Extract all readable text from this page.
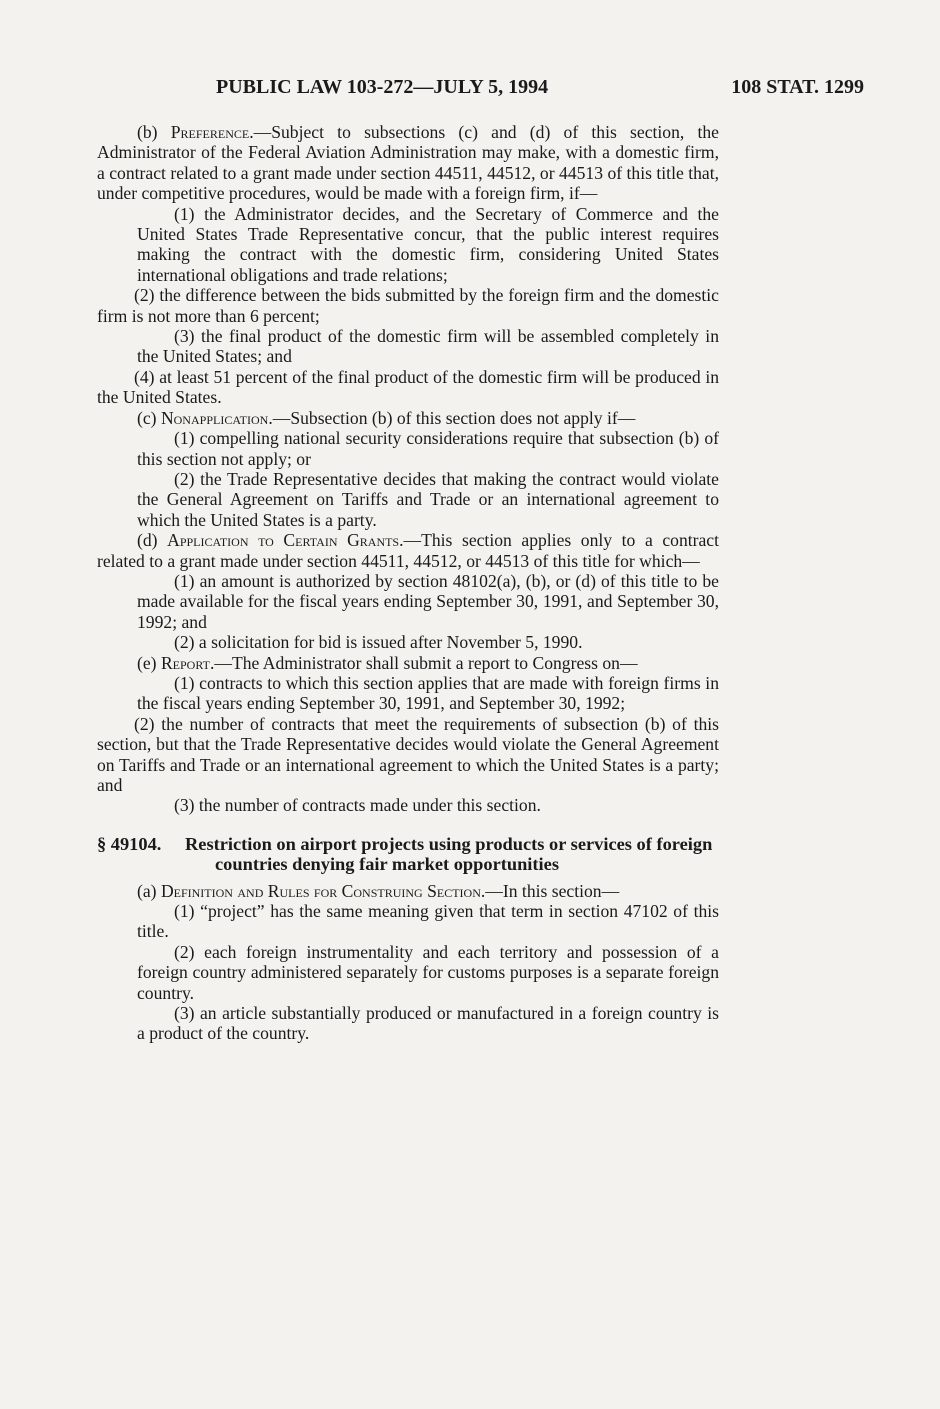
PUBLIC LAW 103-272—JULY 5, 1994	108 STAT. 1299

(b) Preference.—Subject to subsections (c) and (d) of this section, the Administrator of the Federal Aviation Administration may make, with a domestic firm, a contract related to a grant made under section 44511, 44512, or 44513 of this title that, under competitive procedures, would be made with a foreign firm, if—

(1) the Administrator decides, and the Secretary of Commerce and the United States Trade Representative concur, that the public interest requires making the contract with the domestic firm, considering United States international obligations and trade relations;

(2) the difference between the bids submitted by the foreign firm and the domestic firm is not more than 6 percent;

(3) the final product of the domestic firm will be assembled completely in the United States; and

(4) at least 51 percent of the final product of the domestic firm will be produced in the United States.

(c) Nonapplication.—Subsection (b) of this section does not apply if—

(1) compelling national security considerations require that subsection (b) of this section not apply; or

(2) the Trade Representative decides that making the contract would violate the General Agreement on Tariffs and Trade or an international agreement to which the United States is a party.

(d) Application to Certain Grants.—This section applies only to a contract related to a grant made under section 44511, 44512, or 44513 of this title for which—

(1) an amount is authorized by section 48102(a), (b), or (d) of this title to be made available for the fiscal years ending September 30, 1991, and September 30, 1992; and

(2) a solicitation for bid is issued after November 5, 1990.

(e) Report.—The Administrator shall submit a report to Congress on—

(1) contracts to which this section applies that are made with foreign firms in the fiscal years ending September 30, 1991, and September 30, 1992;

(2) the number of contracts that meet the requirements of subsection (b) of this section, but that the Trade Representative decides would violate the General Agreement on Tariffs and Trade or an international agreement to which the United States is a party; and

(3) the number of contracts made under this section.

§ 49104. Restriction on airport projects using products or services of foreign countries denying fair market opportunities

(a) Definition and Rules for Construing Section.—In this section—

(1) “project” has the same meaning given that term in section 47102 of this title.

(2) each foreign instrumentality and each territory and possession of a foreign country administered separately for customs purposes is a separate foreign country.

(3) an article substantially produced or manufactured in a foreign country is a product of the country.
